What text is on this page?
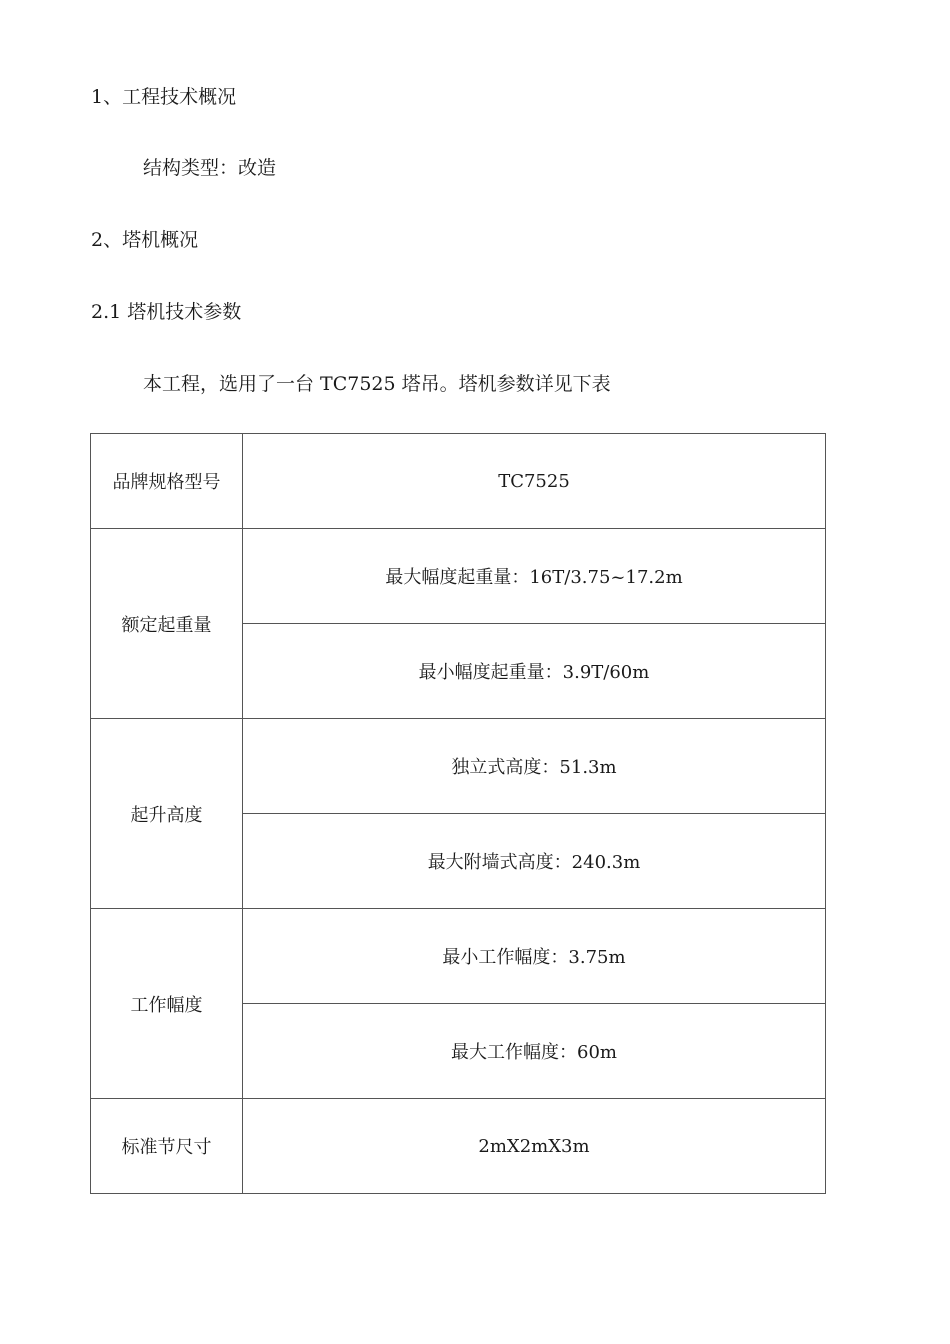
1、工程技术概况
结构类型：改造
2、塔机概况
2.1 塔机技术参数
本工程，选用了一台 TC7525 塔吊。塔机参数详见下表
品牌规格型号	TC7525
额定起重量	最大幅度起重量：16T/3.75~17.2m
	最小幅度起重量：3.9T/60m
起升高度	独立式高度：51.3m
	最大附墙式高度：240.3m
工作幅度	最小工作幅度：3.75m
	最大工作幅度：60m
标准节尺寸	2mX2mX3m
